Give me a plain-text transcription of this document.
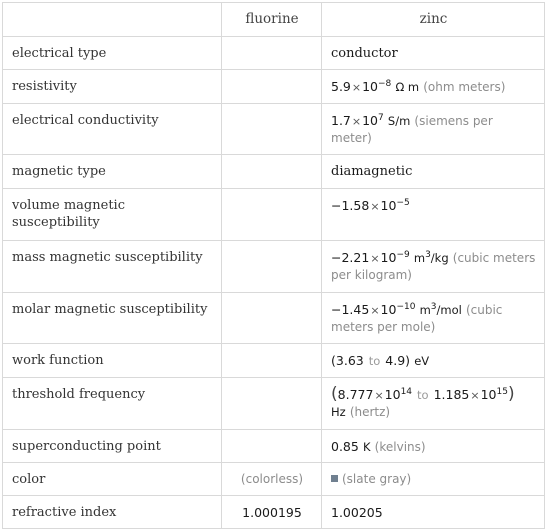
	fluorine	zinc
electrical type		conductor
resistivity		$5.9\times 10^{-8}$ Ω m (ohm meters)
electrical conductivity		$1.7\times 10^7$ S/m (siemens per meter)
magnetic type		diamagnetic
volume magnetic susceptibility		$-1.58\times 10^{-5}$
mass magnetic susceptibility		$-2.21\times 10^{-9}$ $m^3/kg$ (cubic meters per kilogram)
molar magnetic susceptibility		$-1.45\times 10^{-10}$ $m^3$/mol (cubic meters per mole)
work function		(3.63 to 4.9) eV
threshold frequency		($8.777\times 10^{14}$ to $1.185\times 10^{15}$)
Hz (hertz)
superconducting point		0.85 K (kelvins)
color	(colorless)	(slate gray)
refractive index	1.000195	1.00205
